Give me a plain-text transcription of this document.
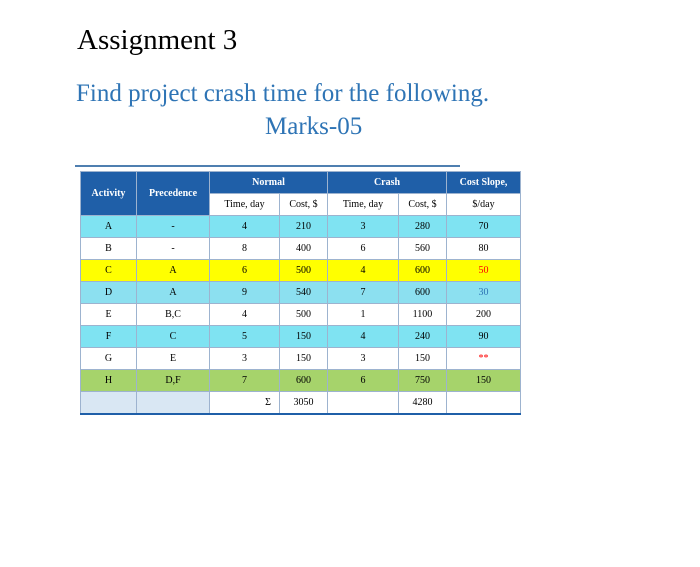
Assignment 3
Find project crash time for the following.
Marks-05
Activity	Precedence	Normal		Crash		Cost Slope,
		Time, day	Cost, $	Time, day	Cost, $	$/day
A	-	4	210	3	280	70
B	-	8	400	6	560	80
C	A	6	500	4	600	50
D	A	9	540	7	600	30
E	B,C	4	500	1	1100	200
F	C	5	150	4	240	90
G	E	3	150	3	150	**
H	D,F	7	600	6	750	150
		Σ	3050		4280	
